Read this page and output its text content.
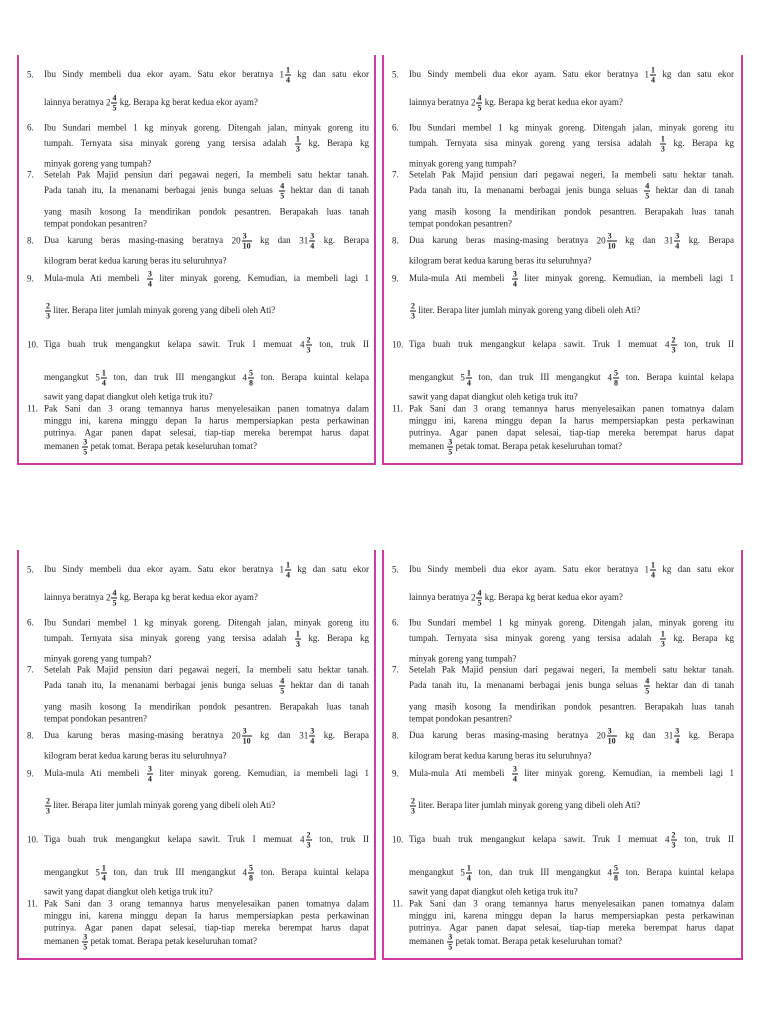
5. Ibu Sindy membeli dua ekor ayam. Satu ekor beratnya $1 \frac{1}{4}$ kg dan satu ekor
lainnya beratnya $2 \frac{4}{5}$ kg. Berapa kg berat kedua ekor ayam?
6. Ibu Sundari membel 1 kg minyak goreng. Ditengah jalan, minyak goreng itu
tumpah. Ternyata sisa minyak goreng yang tersisa adalah $\frac{1}{3}$ kg. Berapa kg
minyak goreng yang tumpah?
7. Setelah Pak Majid pensiun dari pegawai negeri, Ia membeli satu hektar tanah.
Pada tanah itu, Ia menanami berbagai jenis bunga seluas $\frac{4}{5}$ hektar dan di tanah
yang masih kosong Ia mendirikan pondok pesantren. Berapakah luas tanah
tempat pondokan pesantren?
8. Dua karung beras masing-masing beratnya $20 \frac{3}{10}$ kg dan $31 \frac{3}{4}$ kg. Berapa
kilogram berat kedua karung beras itu seluruhnya?
9. Mula-mula Ati membeli $\frac{3}{4}$ liter minyak goreng. Kemudian, ia membeli lagi 1
$\frac{2}{3}$ liter. Berapa liter jumlah minyak goreng yang dibeli oleh Ati?
10. Tiga buah truk mengangkut kelapa sawit. Truk I memuat $4 \frac{2}{3}$ ton, truk II
mengangkut $5 \frac{1}{4}$ ton, dan truk III mengangkut $4 \frac{5}{8}$ ton. Berapa kuintal kelapa
sawit yang dapat diangkut oleh ketiga truk itu?
11. Pak Sani dan 3 orang temannya harus menyelesaikan panen tomatnya dalam
minggu ini, karena minggu depan Ia harus mempersiapkan pesta perkawinan
putrinya. Agar panen dapat selesai, tiap-tiap mereka berempat harus dapat
memanen $\frac{3}{5}$ petak tomat. Berapa petak keseluruhan tomat?
5. Ibu Sindy membeli dua ekor ayam. Satu ekor beratnya $1 \frac{1}{4}$ kg dan satu ekor
lainnya beratnya $2 \frac{4}{5}$ kg. Berapa kg berat kedua ekor ayam?
6. Ibu Sundari membel 1 kg minyak goreng. Ditengah jalan, minyak goreng itu
tumpah. Ternyata sisa minyak goreng yang tersisa adalah $\frac{1}{3}$ kg. Berapa kg
minyak goreng yang tumpah?
7. Setelah Pak Majid pensiun dari pegawai negeri, Ia membeli satu hektar tanah.
Pada tanah itu, Ia menanami berbagai jenis bunga seluas $\frac{4}{5}$ hektar dan di tanah
yang masih kosong Ia mendirikan pondok pesantren. Berapakah luas tanah
tempat pondokan pesantren?
8. Dua karung beras masing-masing beratnya $20 \frac{3}{10}$ kg dan $31 \frac{3}{4}$ kg. Berapa
kilogram berat kedua karung beras itu seluruhnya?
9. Mula-mula Ati membeli $\frac{3}{4}$ liter minyak goreng. Kemudian, ia membeli lagi 1
$\frac{2}{3}$ liter. Berapa liter jumlah minyak goreng yang dibeli oleh Ati?
10. Tiga buah truk mengangkut kelapa sawit. Truk I memuat $4 \frac{2}{3}$ ton, truk II
mengangkut $5 \frac{1}{4}$ ton, dan truk III mengangkut $4 \frac{5}{8}$ ton. Berapa kuintal kelapa
sawit yang dapat diangkut oleh ketiga truk itu?
11. Pak Sani dan 3 orang temannya harus menyelesaikan panen tomatnya dalam
minggu ini, karena minggu depan Ia harus mempersiapkan pesta perkawinan
putrinya. Agar panen dapat selesai, tiap-tiap mereka berempat harus dapat
memanen $\frac{3}{5}$ petak tomat. Berapa petak keseluruhan tomat?
5. Ibu Sindy membeli dua ekor ayam. Satu ekor beratnya $1 \frac{1}{4}$ kg dan satu ekor
lainnya beratnya $2 \frac{4}{5}$ kg. Berapa kg berat kedua ekor ayam?
6. Ibu Sundari membel 1 kg minyak goreng. Ditengah jalan, minyak goreng itu
tumpah. Ternyata sisa minyak goreng yang tersisa adalah $\frac{1}{3}$ kg. Berapa kg
minyak goreng yang tumpah?
7. Setelah Pak Majid pensiun dari pegawai negeri, Ia membeli satu hektar tanah.
Pada tanah itu, Ia menanami berbagai jenis bunga seluas $\frac{4}{5}$ hektar dan di tanah
yang masih kosong Ia mendirikan pondok pesantren. Berapakah luas tanah
tempat pondokan pesantren?
8. Dua karung beras masing-masing beratnya $20 \frac{3}{10}$ kg dan $31 \frac{3}{4}$ kg. Berapa
kilogram berat kedua karung beras itu seluruhnya?
9. Mula-mula Ati membeli $\frac{3}{4}$ liter minyak goreng. Kemudian, ia membeli lagi 1
$\frac{2}{3}$ liter. Berapa liter jumlah minyak goreng yang dibeli oleh Ati?
10. Tiga buah truk mengangkut kelapa sawit. Truk I memuat $4 \frac{2}{3}$ ton, truk II
mengangkut $5 \frac{1}{4}$ ton, dan truk III mengangkut $4 \frac{5}{8}$ ton. Berapa kuintal kelapa
sawit yang dapat diangkut oleh ketiga truk itu?
11. Pak Sani dan 3 orang temannya harus menyelesaikan panen tomatnya dalam
minggu ini, karena minggu depan Ia harus mempersiapkan pesta perkawinan
putrinya. Agar panen dapat selesai, tiap-tiap mereka berempat harus dapat
memanen $\frac{3}{5}$ petak tomat. Berapa petak keseluruhan tomat?
5. Ibu Sindy membeli dua ekor ayam. Satu ekor beratnya $1 \frac{1}{4}$ kg dan satu ekor
lainnya beratnya $2 \frac{4}{5}$ kg. Berapa kg berat kedua ekor ayam?
6. Ibu Sundari membel 1 kg minyak goreng. Ditengah jalan, minyak goreng itu
tumpah. Ternyata sisa minyak goreng yang tersisa adalah $\frac{1}{3}$ kg. Berapa kg
minyak goreng yang tumpah?
7. Setelah Pak Majid pensiun dari pegawai negeri, Ia membeli satu hektar tanah.
Pada tanah itu, Ia menanami berbagai jenis bunga seluas $\frac{4}{5}$ hektar dan di tanah
yang masih kosong Ia mendirikan pondok pesantren. Berapakah luas tanah
tempat pondokan pesantren?
8. Dua karung beras masing-masing beratnya $20 \frac{3}{10}$ kg dan $31 \frac{3}{4}$ kg. Berapa
kilogram berat kedua karung beras itu seluruhnya?
9. Mula-mula Ati membeli $\frac{3}{4}$ liter minyak goreng. Kemudian, ia membeli lagi 1
$\frac{2}{3}$ liter. Berapa liter jumlah minyak goreng yang dibeli oleh Ati?
10. Tiga buah truk mengangkut kelapa sawit. Truk I memuat $4 \frac{2}{3}$ ton, truk II
mengangkut $5 \frac{1}{4}$ ton, dan truk III mengangkut $4 \frac{5}{8}$ ton. Berapa kuintal kelapa
sawit yang dapat diangkut oleh ketiga truk itu?
11. Pak Sani dan 3 orang temannya harus menyelesaikan panen tomatnya dalam
minggu ini, karena minggu depan Ia harus mempersiapkan pesta perkawinan
putrinya. Agar panen dapat selesai, tiap-tiap mereka berempat harus dapat
memanen $\frac{3}{5}$ petak tomat. Berapa petak keseluruhan tomat?
